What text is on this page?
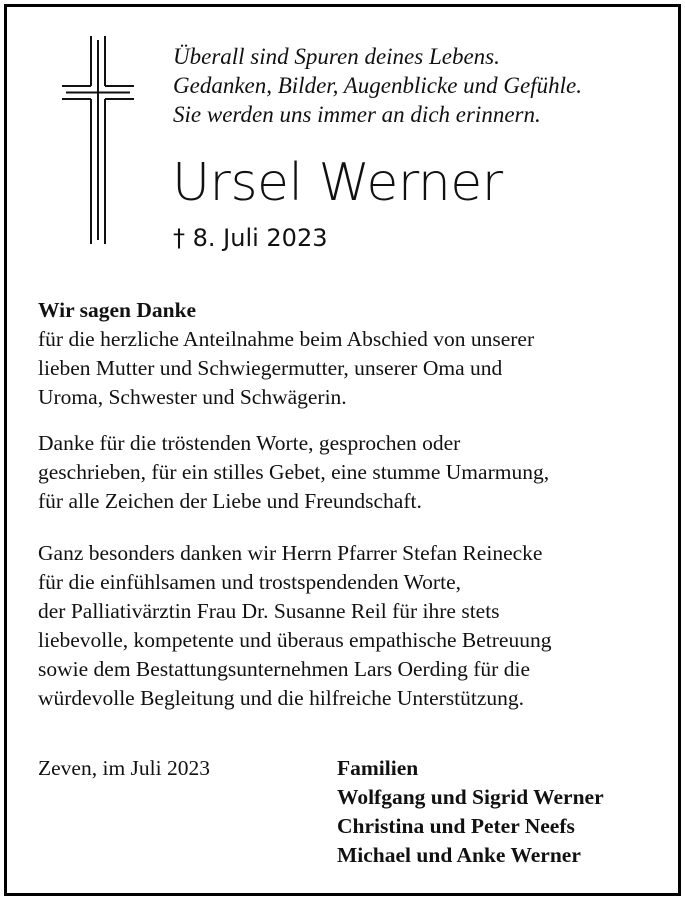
Überall sind Spuren deines Lebens.
Gedanken, Bilder, Augenblicke und Gefühle.
Sie werden uns immer an dich erinnern.
Ursel Werner
† 8. Juli 2023
Wir sagen Danke
für die herzliche Anteilnahme beim Abschied von unserer
lieben Mutter und Schwiegermutter, unserer Oma und
Uroma, Schwester und Schwägerin.
Danke für die tröstenden Worte, gesprochen oder
geschrieben, für ein stilles Gebet, eine stumme Umarmung,
für alle Zeichen der Liebe und Freundschaft.
Ganz besonders danken wir Herrn Pfarrer Stefan Reinecke
für die einfühlsamen und trostspendenden Worte,
der Palliativärztin Frau Dr. Susanne Reil für ihre stets
liebevolle, kompetente und überaus empathische Betreuung
sowie dem Bestattungsunternehmen Lars Oerding für die
würdevolle Begleitung und die hilfreiche Unterstützung.
Zeven, im Juli 2023	Familien
Wolfgang und Sigrid Werner
Christina und Peter Neefs
Michael und Anke Werner
